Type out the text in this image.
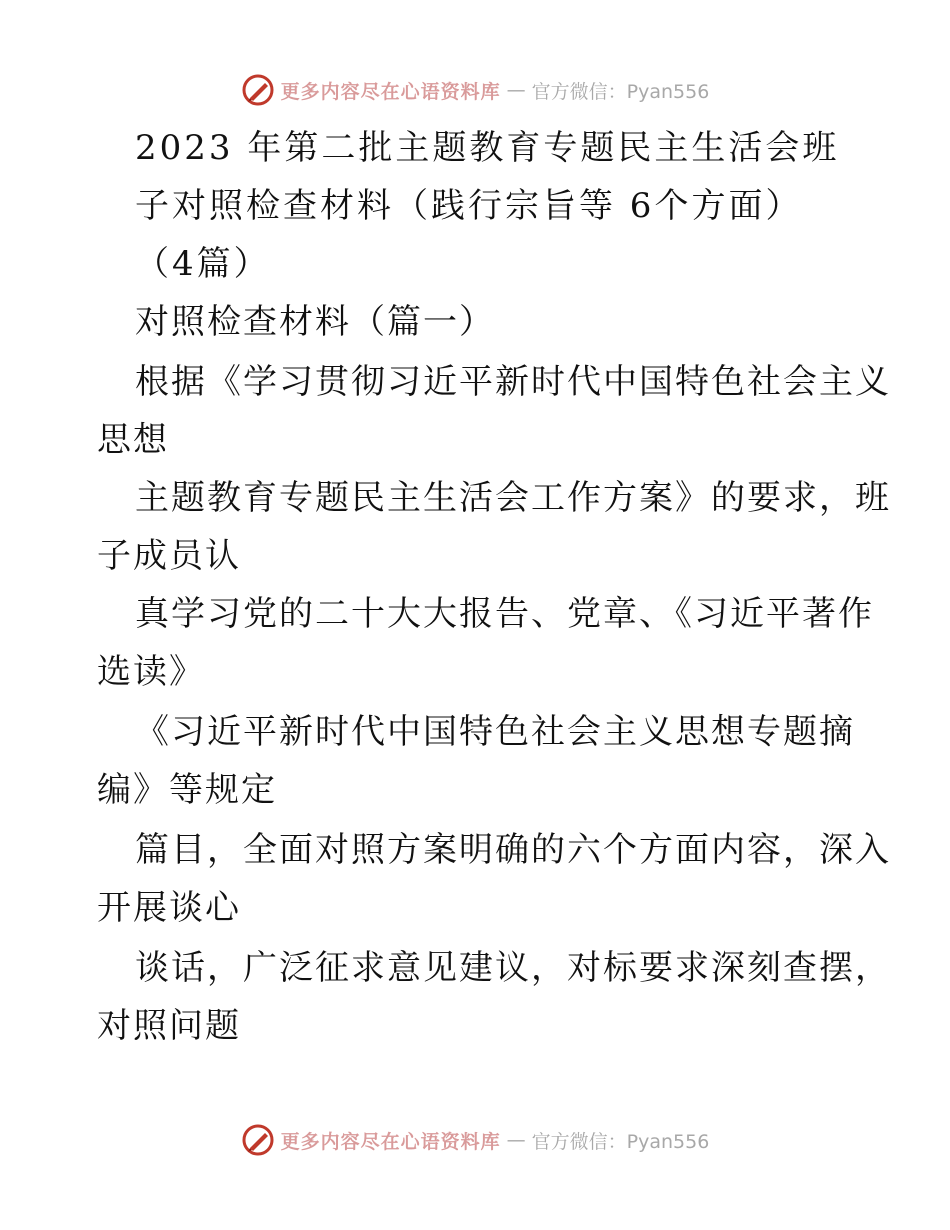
更多内容尽在心语资料库 — 官方微信：Pyan556
2023 年第二批主题教育专题民主生活会班
子对照检查材料（践行宗旨等 6个方面）
（4篇）
对照检查材料（篇一）
根据《学习贯彻习近平新时代中国特色社会主义
思想
主题教育专题民主生活会工作方案》的要求，班
子成员认
真学习党的二十大大报告、党章、《习近平著作
选读》
《习近平新时代中国特色社会主义思想专题摘
编》等规定
篇目，全面对照方案明确的六个方面内容，深入
开展谈心
谈话，广泛征求意见建议，对标要求深刻查摆，
对照问题
更多内容尽在心语资料库 — 官方微信：Pyan556
